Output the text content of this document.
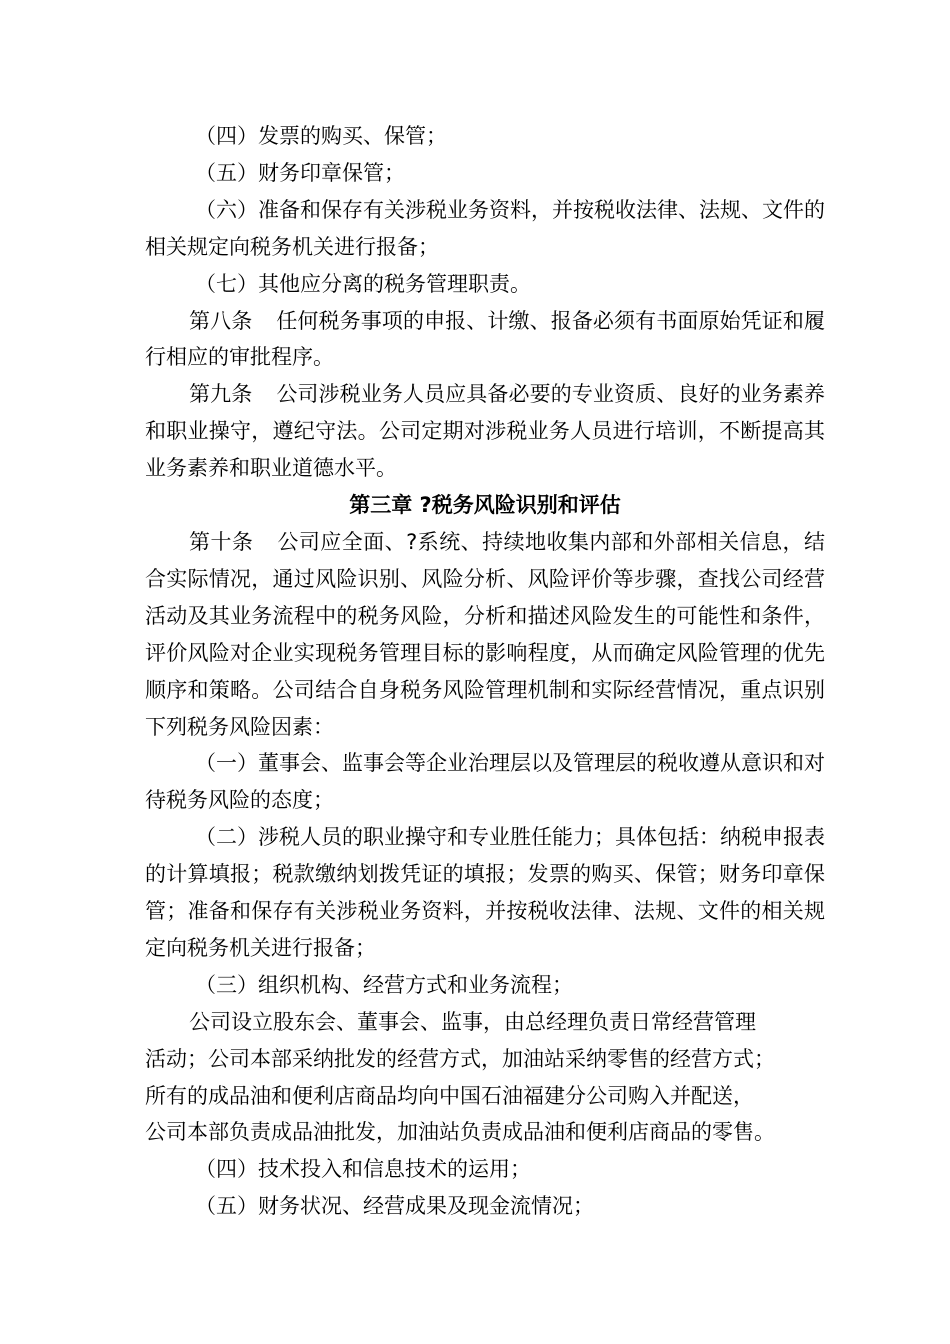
（四）发票的购买、保管；

（五）财务印章保管；

（六）准备和保存有关涉税业务资料，并按税收法律、法规、文件的相关规定向税务机关进行报备；

（七）其他应分离的税务管理职责。

第八条 任何税务事项的申报、计缴、报备必须有书面原始凭证和履行相应的审批程序。

第九条 公司涉税业务人员应具备必要的专业资质、良好的业务素养和职业操守，遵纪守法。公司定期对涉税业务人员进行培训，不断提高其业务素养和职业道德水平。

第三章 ?税务风险识别和评估

第十条 公司应全面、?系统、持续地收集内部和外部相关信息，结合实际情况，通过风险识别、风险分析、风险评价等步骤，查找公司经营活动及其业务流程中的税务风险，分析和描述风险发生的可能性和条件，评价风险对企业实现税务管理目标的影响程度，从而确定风险管理的优先顺序和策略。公司结合自身税务风险管理机制和实际经营情况，重点识别下列税务风险因素：

（一）董事会、监事会等企业治理层以及管理层的税收遵从意识和对待税务风险的态度；

（二）涉税人员的职业操守和专业胜任能力；具体包括：纳税申报表的计算填报；税款缴纳划拨凭证的填报；发票的购买、保管；财务印章保管；准备和保存有关涉税业务资料，并按税收法律、法规、文件的相关规定向税务机关进行报备；

（三）组织机构、经营方式和业务流程；

公司设立股东会、董事会、监事，由总经理负责日常经营管理
活动；公司本部采纳批发的经营方式，加油站采纳零售的经营方式；
所有的成品油和便利店商品均向中国石油福建分公司购入并配送，
公司本部负责成品油批发，加油站负责成品油和便利店商品的零售。

（四）技术投入和信息技术的运用；

（五）财务状况、经营成果及现金流情况；
